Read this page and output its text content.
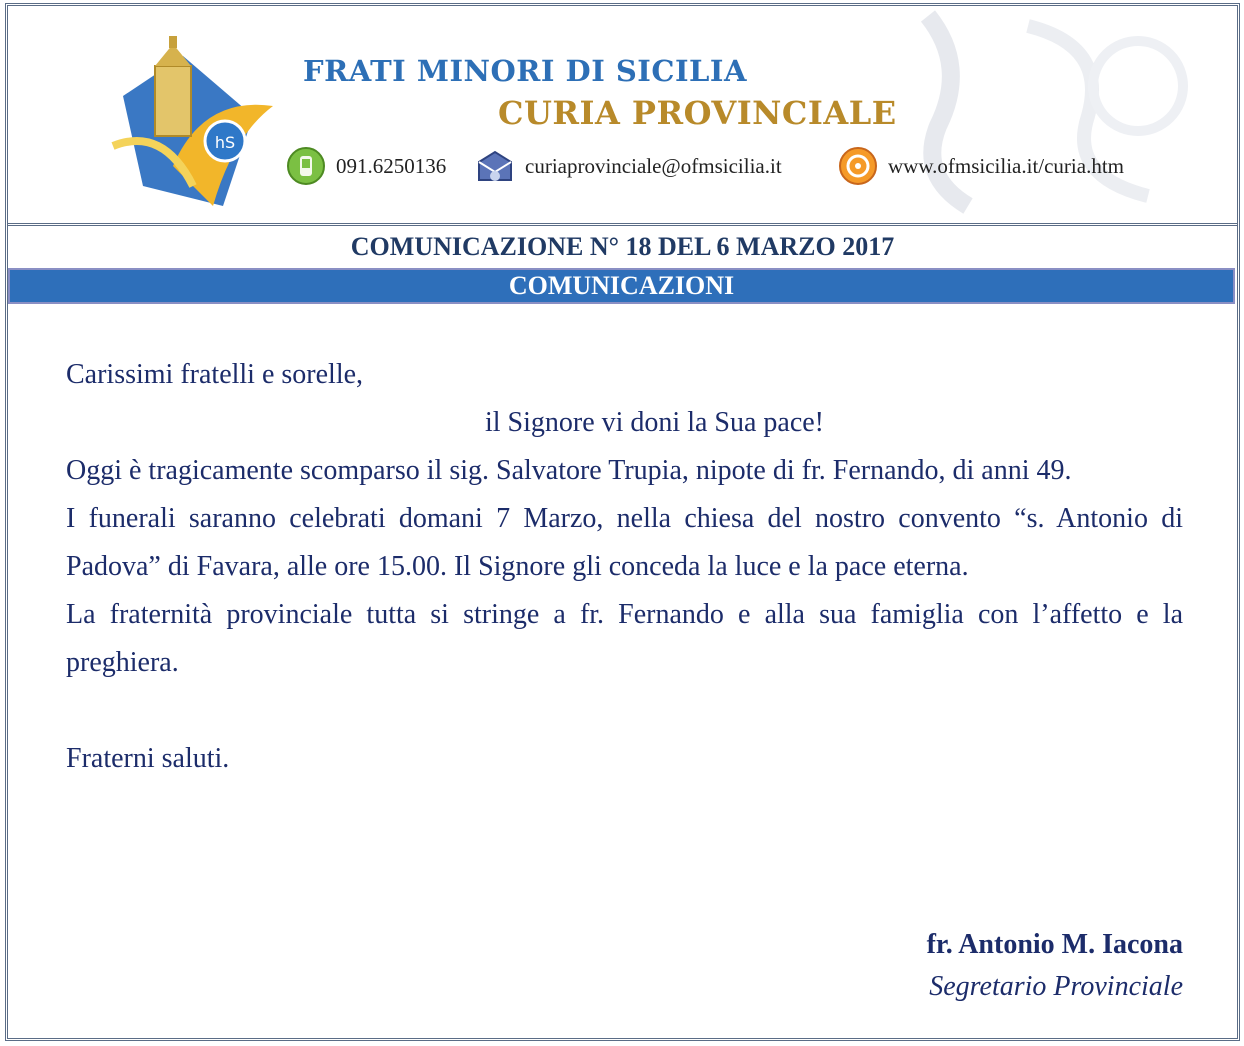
hS
FRATI MINORI DI SICILIA
CURIA PROVINCIALE
091.6250136	curiaprovinciale@ofmsicilia.it	www.ofmsicilia.it/curia.htm
COMUNICAZIONE N° 18 DEL 6 MARZO 2017
COMUNICAZIONI

Carissimi fratelli e sorelle,

il Signore vi doni la Sua pace!

Oggi è tragicamente scomparso il sig. Salvatore Trupia, nipote di fr. Fernando, di anni 49.

I funerali saranno celebrati domani 7 Marzo, nella chiesa del nostro convento “s. Antonio di Padova” di Favara, alle ore 15.00. Il Signore gli conceda la luce e la pace eterna.

La fraternità provinciale tutta si stringe a fr. Fernando e alla sua famiglia con l’affetto e la preghiera.

Fraterni saluti.

fr. Antonio M. Iacona
Segretario Provinciale
